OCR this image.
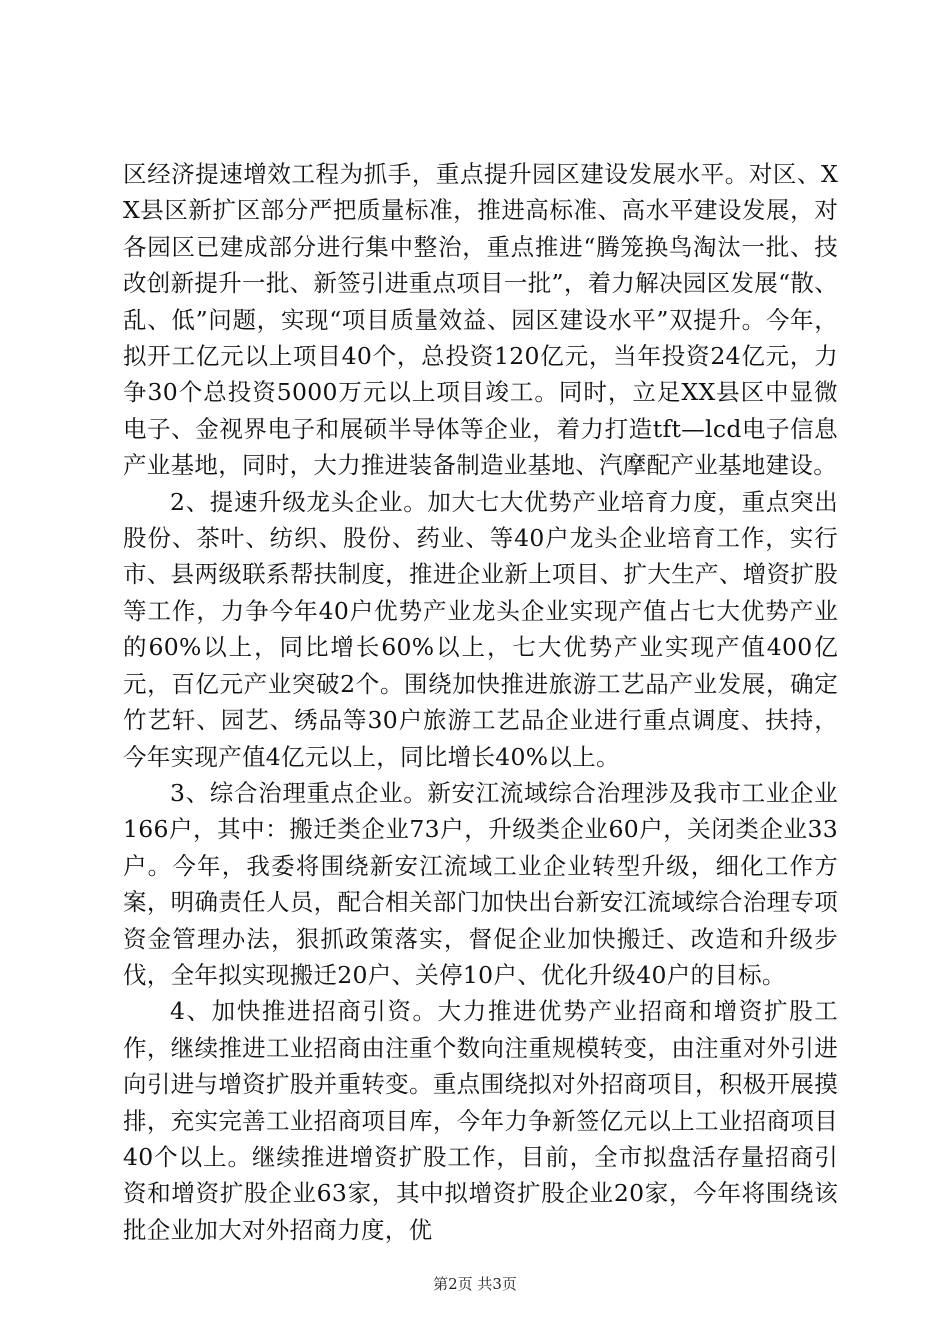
区经济提速增效工程为抓手，重点提升园区建设发展水平。对区、XX县区新扩区部分严把质量标准，推进高标准、高水平建设发展，对各园区已建成部分进行集中整治，重点推进“腾笼换鸟淘汰一批、技改创新提升一批、新签引进重点项目一批”，着力解决园区发展“散、乱、低”问题，实现“项目质量效益、园区建设水平”双提升。今年，拟开工亿元以上项目40个，总投资120亿元，当年投资24亿元，力争30个总投资5000万元以上项目竣工。同时，立足XX县区中显微电子、金视界电子和展硕半导体等企业，着力打造tft—lcd电子信息产业基地，同时，大力推进装备制造业基地、汽摩配产业基地建设。

2、提速升级龙头企业。加大七大优势产业培育力度，重点突出股份、茶叶、纺织、股份、药业、等40户龙头企业培育工作，实行市、县两级联系帮扶制度，推进企业新上项目、扩大生产、增资扩股等工作，力争今年40户优势产业龙头企业实现产值占七大优势产业的60%以上，同比增长60%以上，七大优势产业实现产值400亿元，百亿元产业突破2个。围绕加快推进旅游工艺品产业发展，确定竹艺轩、园艺、绣品等30户旅游工艺品企业进行重点调度、扶持，今年实现产值4亿元以上，同比增长40%以上。

3、综合治理重点企业。新安江流域综合治理涉及我市工业企业166户，其中：搬迁类企业73户，升级类企业60户，关闭类企业33户。今年，我委将围绕新安江流域工业企业转型升级，细化工作方案，明确责任人员，配合相关部门加快出台新安江流域综合治理专项资金管理办法，狠抓政策落实，督促企业加快搬迁、改造和升级步伐，全年拟实现搬迁20户、关停10户、优化升级40户的目标。

4、加快推进招商引资。大力推进优势产业招商和增资扩股工作，继续推进工业招商由注重个数向注重规模转变，由注重对外引进向引进与增资扩股并重转变。重点围绕拟对外招商项目，积极开展摸排，充实完善工业招商项目库，今年力争新签亿元以上工业招商项目40个以上。继续推进增资扩股工作，目前，全市拟盘活存量招商引资和增资扩股企业63家，其中拟增资扩股企业20家，今年将围绕该批企业加大对外招商力度，优

第2页 共3页
